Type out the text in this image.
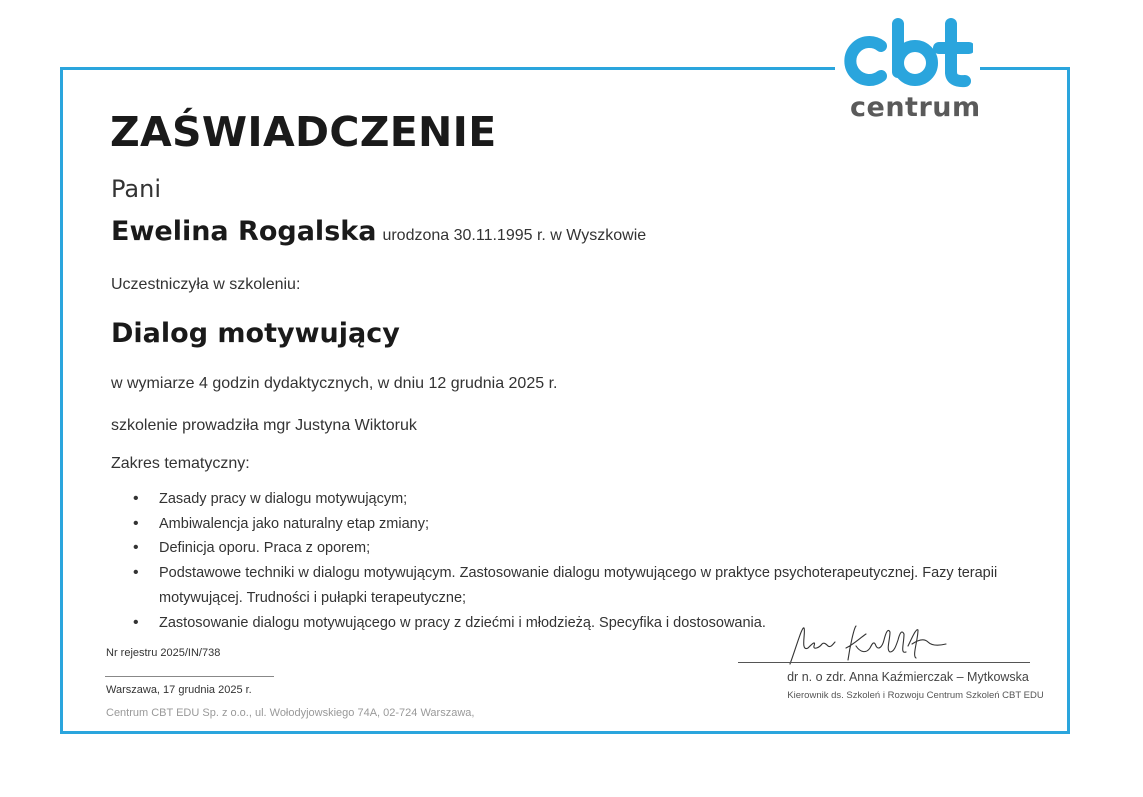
centrum
ZAŚWIADCZENIE
Pani
Ewelina Rogalska urodzona 30.11.1995 r. w Wyszkowie
Uczestniczyła w szkoleniu:
Dialog motywujący
w wymiarze 4 godzin dydaktycznych, w dniu 12 grudnia 2025 r.
szkolenie prowadziła mgr Justyna Wiktoruk
Zakres tematyczny:
• Zasady pracy w dialogu motywującym;
• Ambiwalencja jako naturalny etap zmiany;
• Definicja oporu. Praca z oporem;
• Podstawowe techniki w dialogu motywującym. Zastosowanie dialogu motywującego w praktyce psychoterapeutycznej. Fazy terapii motywującej. Trudności i pułapki terapeutyczne;
• Zastosowanie dialogu motywującego w pracy z dziećmi i młodzieżą. Specyfika i dostosowania.
Nr rejestru 2025/IN/738
Warszawa, 17 grudnia 2025 r.
Centrum CBT EDU Sp. z o.o., ul. Wołodyjowskiego 74A, 02-724 Warszawa,
dr n. o zdr. Anna Kaźmierczak – Mytkowska
Kierownik ds. Szkoleń i Rozwoju Centrum Szkoleń CBT EDU
